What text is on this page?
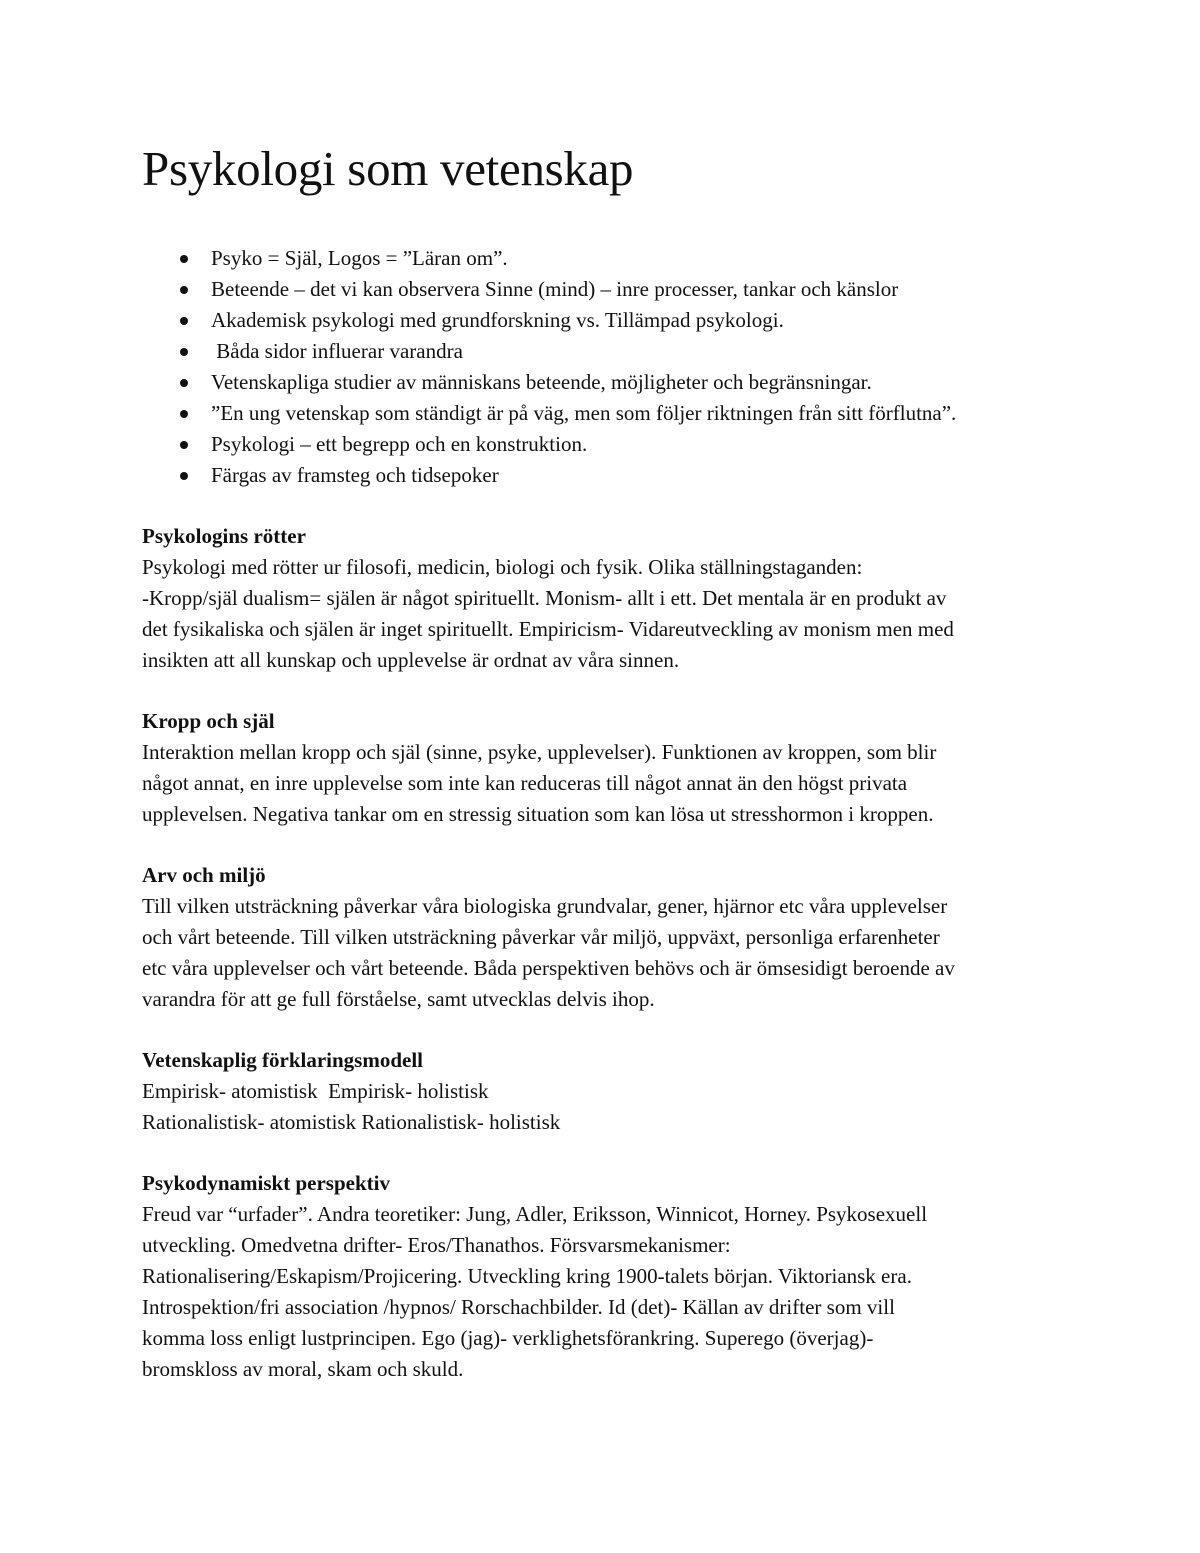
Psykologi som vetenskap
Psyko = Själ, Logos = ”Läran om”.
Beteende – det vi kan observera Sinne (mind) – inre processer, tankar och känslor
Akademisk psykologi med grundforskning vs. Tillämpad psykologi.
Båda sidor influerar varandra
Vetenskapliga studier av människans beteende, möjligheter och begränsningar.
”En ung vetenskap som ständigt är på väg, men som följer riktningen från sitt förflutna”.
Psykologi – ett begrepp och en konstruktion.
Färgas av framsteg och tidsepoker

Psykologins rötter

Psykologi med rötter ur filosofi, medicin, biologi och fysik. Olika ställningstaganden:

-Kropp/själ dualism= själen är något spirituellt. Monism- allt i ett. Det mentala är en produkt av

det fysikaliska och själen är inget spirituellt. Empiricism- Vidareutveckling av monism men med

insikten att all kunskap och upplevelse är ordnat av våra sinnen.

Kropp och själ

Interaktion mellan kropp och själ (sinne, psyke, upplevelser). Funktionen av kroppen, som blir

något annat, en inre upplevelse som inte kan reduceras till något annat än den högst privata

upplevelsen. Negativa tankar om en stressig situation som kan lösa ut stresshormon i kroppen.

Arv och miljö

Till vilken utsträckning påverkar våra biologiska grundvalar, gener, hjärnor etc våra upplevelser

och vårt beteende. Till vilken utsträckning påverkar vår miljö, uppväxt, personliga erfarenheter

etc våra upplevelser och vårt beteende. Båda perspektiven behövs och är ömsesidigt beroende av

varandra för att ge full förståelse, samt utvecklas delvis ihop.

Vetenskaplig förklaringsmodell

Empirisk- atomistisk  Empirisk- holistisk

Rationalistisk- atomistisk Rationalistisk- holistisk

Psykodynamiskt perspektiv

Freud var “urfader”. Andra teoretiker: Jung, Adler, Eriksson, Winnicot, Horney. Psykosexuell

utveckling. Omedvetna drifter- Eros/Thanathos. Försvarsmekanismer:

Rationalisering/Eskapism/Projicering. Utveckling kring 1900-talets början. Viktoriansk era.

Introspektion/fri association /hypnos/ Rorschachbilder. Id (det)- Källan av drifter som vill

komma loss enligt lustprincipen. Ego (jag)- verklighetsförankring. Superego (överjag)-

bromskloss av moral, skam och skuld.
